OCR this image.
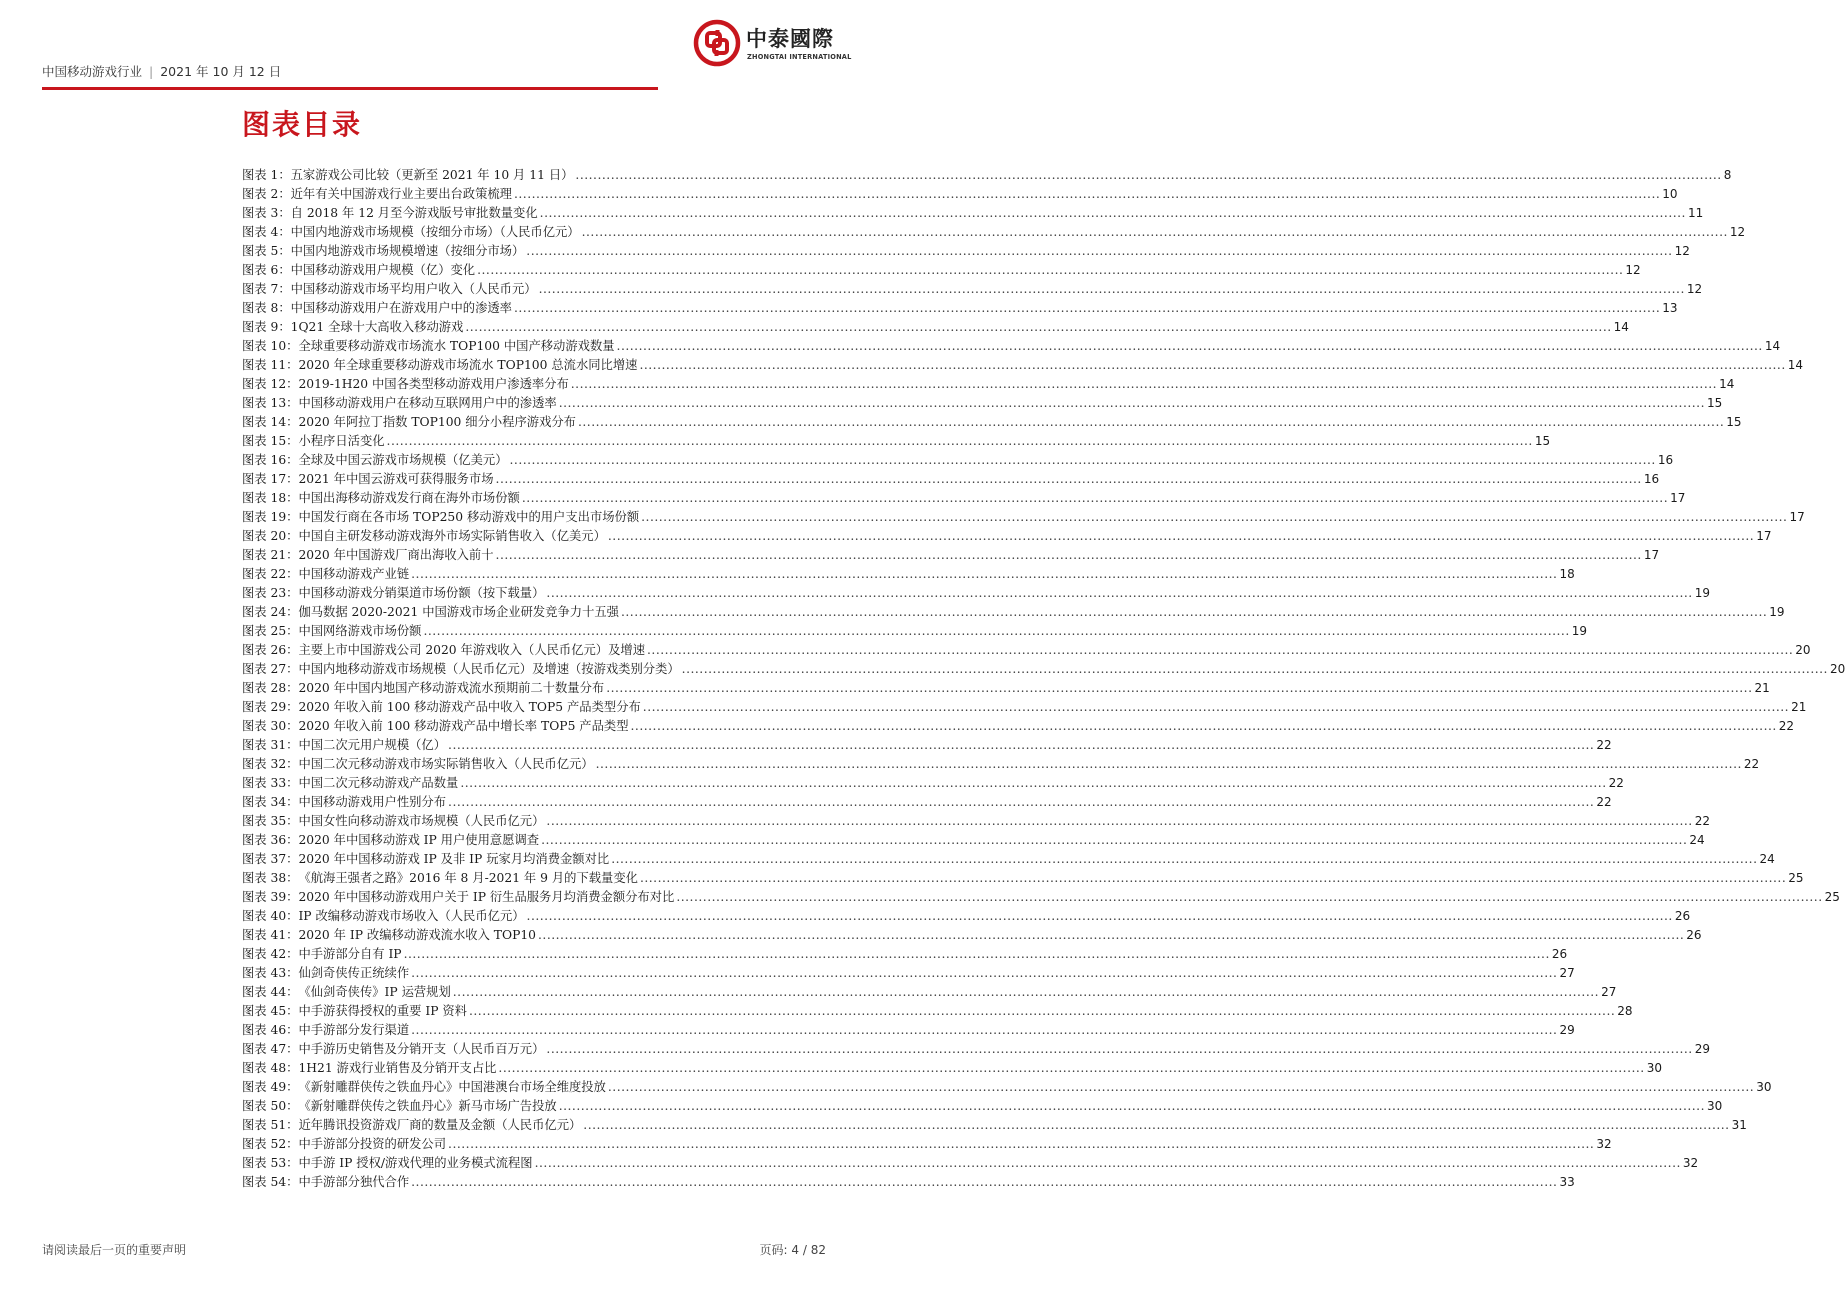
中国移动游戏行业 | 2021 年 10 月 12 日
中泰國際
ZHONGTAI INTERNATIONAL
图表目录
图表 1： 五家游戏公司比较（更新至 2021 年 10 月 11 日） .....	8
图表 2： 近年有关中国游戏行业主要出台政策梳理 .....	10
图表 3： 自 2018 年 12 月至今游戏版号审批数量变化 .....	11
图表 4： 中国内地游戏市场规模（按细分市场）（人民币亿元） .....	12
图表 5： 中国内地游戏市场规模增速（按细分市场） .....	12
图表 6： 中国移动游戏用户规模（亿）变化 .....	12
图表 7： 中国移动游戏市场平均用户收入（人民币元） .....	12
图表 8： 中国移动游戏用户在游戏用户中的渗透率 .....	13
图表 9： 1Q21 全球十大高收入移动游戏 .....	14
图表 10： 全球重要移动游戏市场流水 TOP100 中国产移动游戏数量 .....	14
图表 11： 2020 年全球重要移动游戏市场流水 TOP100 总流水同比增速 .....	14
图表 12： 2019-1H20 中国各类型移动游戏用户渗透率分布 .....	14
图表 13： 中国移动游戏用户在移动互联网用户中的渗透率 .....	15
图表 14： 2020 年阿拉丁指数 TOP100 细分小程序游戏分布 .....	15
图表 15： 小程序日活变化 .....	15
图表 16： 全球及中国云游戏市场规模（亿美元） .....	16
图表 17： 2021 年中国云游戏可获得服务市场 .....	16
图表 18： 中国出海移动游戏发行商在海外市场份额 .....	17
图表 19： 中国发行商在各市场 TOP250 移动游戏中的用户支出市场份额 .....	17
图表 20： 中国自主研发移动游戏海外市场实际销售收入（亿美元） .....	17
图表 21： 2020 年中国游戏厂商出海收入前十 .....	17
图表 22： 中国移动游戏产业链 .....	18
图表 23： 中国移动游戏分销渠道市场份额（按下载量） .....	19
图表 24： 伽马数据 2020-2021 中国游戏市场企业研发竞争力十五强 .....	19
图表 25： 中国网络游戏市场份额 .....	19
图表 26： 主要上市中国游戏公司 2020 年游戏收入（人民币亿元）及增速 .....	20
图表 27： 中国内地移动游戏市场规模（人民币亿元）及增速（按游戏类别分类） .....	20
图表 28： 2020 年中国内地国产移动游戏流水预期前二十数量分布 .....	21
图表 29： 2020 年收入前 100 移动游戏产品中收入 TOP5 产品类型分布 .....	21
图表 30： 2020 年收入前 100 移动游戏产品中增长率 TOP5 产品类型 .....	22
图表 31： 中国二次元用户规模（亿） .....	22
图表 32： 中国二次元移动游戏市场实际销售收入（人民币亿元） .....	22
图表 33： 中国二次元移动游戏产品数量 .....	22
图表 34： 中国移动游戏用户性别分布 .....	22
图表 35： 中国女性向移动游戏市场规模（人民币亿元） .....	22
图表 36： 2020 年中国移动游戏 IP 用户使用意愿调查 .....	24
图表 37： 2020 年中国移动游戏 IP 及非 IP 玩家月均消费金额对比 .....	24
图表 38： 《航海王强者之路》2016 年 8 月-2021 年 9 月的下载量变化 .....	25
图表 39： 2020 年中国移动游戏用户关于 IP 衍生品服务月均消费金额分布对比 .....	25
图表 40： IP 改编移动游戏市场收入（人民币亿元） .....	26
图表 41： 2020 年 IP 改编移动游戏流水收入 TOP10 .....	26
图表 42： 中手游部分自有 IP .....	26
图表 43： 仙剑奇侠传正统续作 .....	27
图表 44： 《仙剑奇侠传》IP 运营规划 .....	27
图表 45： 中手游获得授权的重要 IP 资料 .....	28
图表 46： 中手游部分发行渠道 .....	29
图表 47： 中手游历史销售及分销开支（人民币百万元） .....	29
图表 48： 1H21 游戏行业销售及分销开支占比 .....	30
图表 49： 《新射雕群侠传之铁血丹心》中国港澳台市场全维度投放 .....	30
图表 50： 《新射雕群侠传之铁血丹心》新马市场广告投放 .....	30
图表 51： 近年腾讯投资游戏厂商的数量及金额（人民币亿元） .....	31
图表 52： 中手游部分投资的研发公司 .....	32
图表 53： 中手游 IP 授权/游戏代理的业务模式流程图 .....	32
图表 54： 中手游部分独代合作 .....	33
请阅读最后一页的重要声明	页码: 4 / 82
